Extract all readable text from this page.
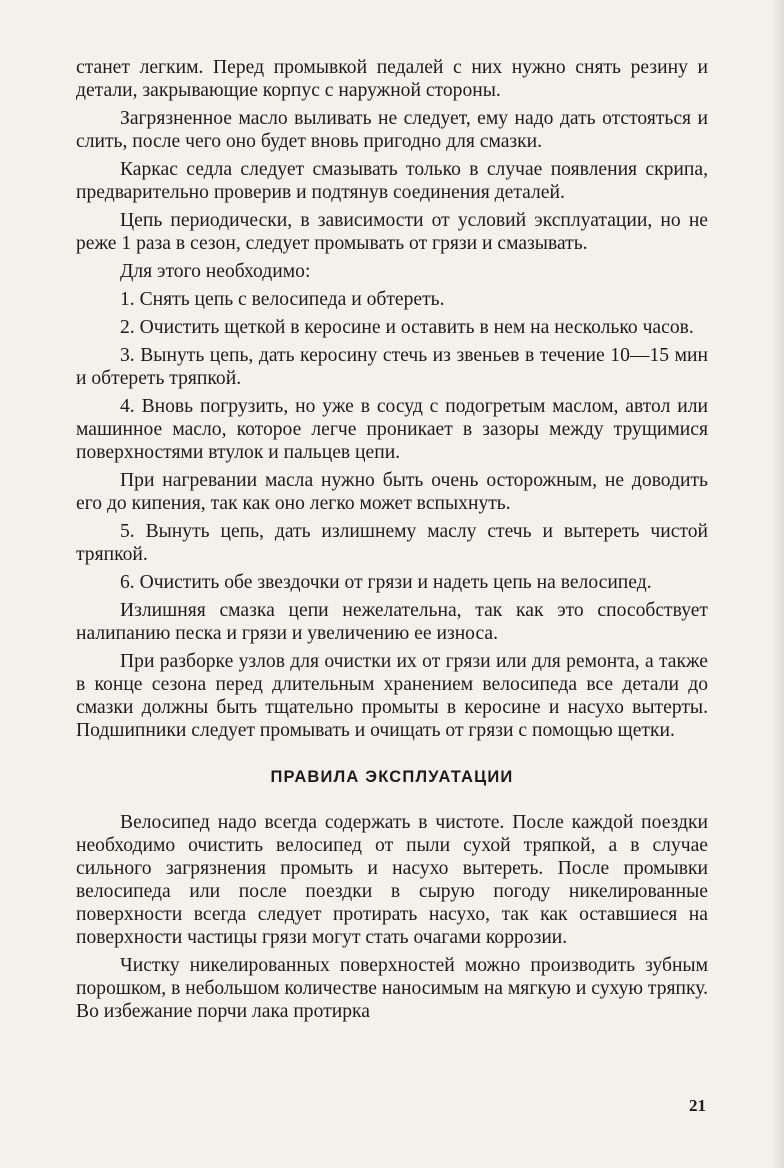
станет легким. Перед промывкой педалей с них нужно снять резину и детали, закрывающие корпус с наружной стороны.

Загрязненное масло выливать не следует, ему надо дать отстояться и слить, после чего оно будет вновь пригодно для смазки.

Каркас седла следует смазывать только в случае появления скрипа, предварительно проверив и подтянув соединения деталей.

Цепь периодически, в зависимости от условий эксплуатации, но не реже 1 раза в сезон, следует промывать от грязи и смазывать.

Для этого необходимо:

1. Снять цепь с велосипеда и обтереть.

2. Очистить щеткой в керосине и оставить в нем на несколько часов.

3. Вынуть цепь, дать керосину стечь из звеньев в течение 10—15 мин и обтереть тряпкой.

4. Вновь погрузить, но уже в сосуд с подогретым маслом, автол или машинное масло, которое легче проникает в зазоры между трущимися поверхностями втулок и пальцев цепи.

При нагревании масла нужно быть очень осторожным, не доводить его до кипения, так как оно легко может вспыхнуть.

5. Вынуть цепь, дать излишнему маслу стечь и вытереть чистой тряпкой.

6. Очистить обе звездочки от грязи и надеть цепь на велосипед.

Излишняя смазка цепи нежелательна, так как это способствует налипанию песка и грязи и увеличению ее износа.

При разборке узлов для очистки их от грязи или для ремонта, а также в конце сезона перед длительным хранением велосипеда все детали до смазки должны быть тщательно промыты в керосине и насухо вытерты. Подшипники следует промывать и очищать от грязи с помощью щетки.

ПРАВИЛА ЭКСПЛУАТАЦИИ

Велосипед надо всегда содержать в чистоте. После каждой поездки необходимо очистить велосипед от пыли сухой тряпкой, а в случае сильного загрязнения промыть и насухо вытереть. После промывки велосипеда или после поездки в сырую погоду никелированные поверхности всегда следует протирать насухо, так как оставшиеся на поверхности частицы грязи могут стать очагами коррозии.

Чистку никелированных поверхностей можно производить зубным порошком, в небольшом количестве наносимым на мягкую и сухую тряпку. Во избежание порчи лака протирка

21
